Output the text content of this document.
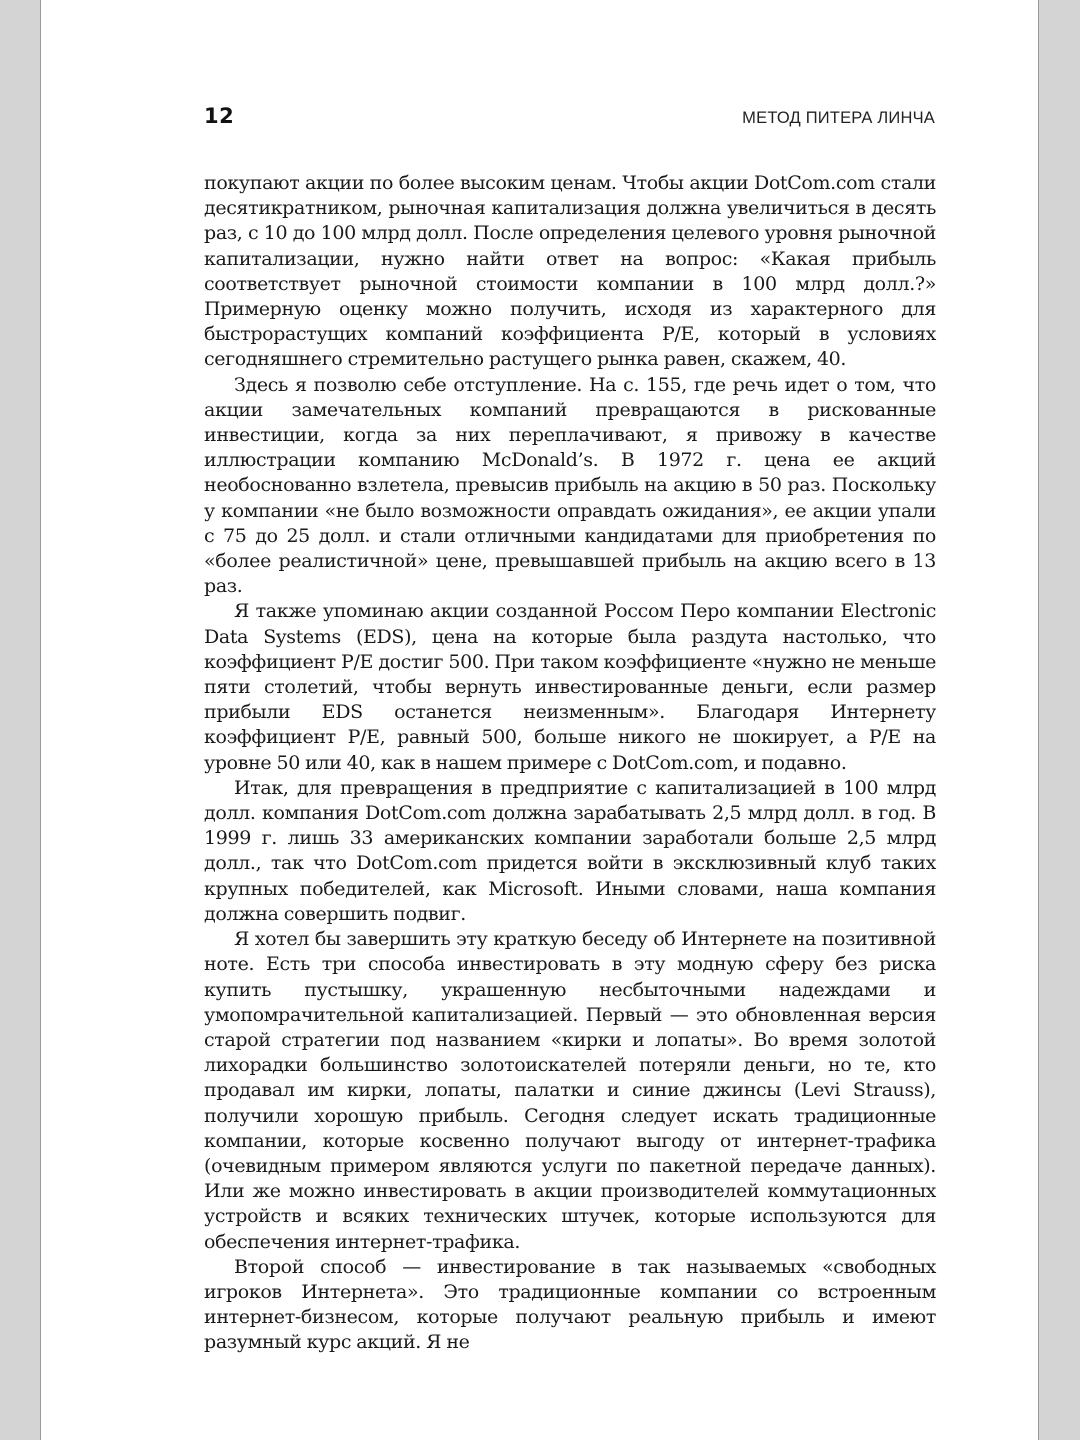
12	МЕТОД ПИТЕРА ЛИНЧА

покупают акции по более высоким ценам. Чтобы акции DotCom.com стали десятикратником, рыночная капитализация должна увеличиться в десять раз, с 10 до 100 млрд долл. После определения целевого уровня рыночной капитализации, нужно найти ответ на вопрос: «Какая прибыль соответствует рыночной стоимости компании в 100 млрд долл.?» Примерную оценку можно получить, исходя из характерного для быстрорастущих компаний коэффициента P/E, который в условиях сегодняшнего стремительно растущего рынка равен, скажем, 40.

Здесь я позволю себе отступление. На с. 155, где речь идет о том, что акции замечательных компаний превращаются в рискованные инвестиции, когда за них переплачивают, я привожу в качестве иллюстрации компанию McDonald’s. В 1972 г. цена ее акций необоснованно взлетела, превысив прибыль на акцию в 50 раз. Поскольку у компании «не было возможности оправдать ожидания», ее акции упали с 75 до 25 долл. и стали отличными кандидатами для приобретения по «более реалистичной» цене, превышавшей прибыль на акцию всего в 13 раз.

Я также упоминаю акции созданной Россом Перо компании Electronic Data Systems (EDS), цена на которые была раздута настолько, что коэффициент P/E достиг 500. При таком коэффициенте «нужно не меньше пяти столетий, чтобы вернуть инвестированные деньги, если размер прибыли EDS останется неизменным». Благодаря Интернету коэффициент P/E, равный 500, больше никого не шокирует, а P/E на уровне 50 или 40, как в нашем примере с DotCom.com, и подавно.

Итак, для превращения в предприятие с капитализацией в 100 млрд долл. компания DotCom.com должна зарабатывать 2,5 млрд долл. в год. В 1999 г. лишь 33 американских компании заработали больше 2,5 млрд долл., так что DotCom.com придется войти в эксклюзивный клуб таких крупных победителей, как Microsoft. Иными словами, наша компания должна совершить подвиг.

Я хотел бы завершить эту краткую беседу об Интернете на позитивной ноте. Есть три способа инвестировать в эту модную сферу без риска купить пустышку, украшенную несбыточными надеждами и умопомрачительной капитализацией. Первый — это обновленная версия старой стратегии под названием «кирки и лопаты». Во время золотой лихорадки большинство золотоискателей потеряли деньги, но те, кто продавал им кирки, лопаты, палатки и синие джинсы (Levi Strauss), получили хорошую прибыль. Сегодня следует искать традиционные компании, которые косвенно получают выгоду от интернет-трафика (очевидным примером являются услуги по пакетной передаче данных). Или же можно инвестировать в акции производителей коммутационных устройств и всяких технических штучек, которые используются для обеспечения интернет-трафика.

Второй способ — инвестирование в так называемых «свободных игроков Интернета». Это традиционные компании со встроенным интернет-бизнесом, которые получают реальную прибыль и имеют разумный курс акций. Я не
